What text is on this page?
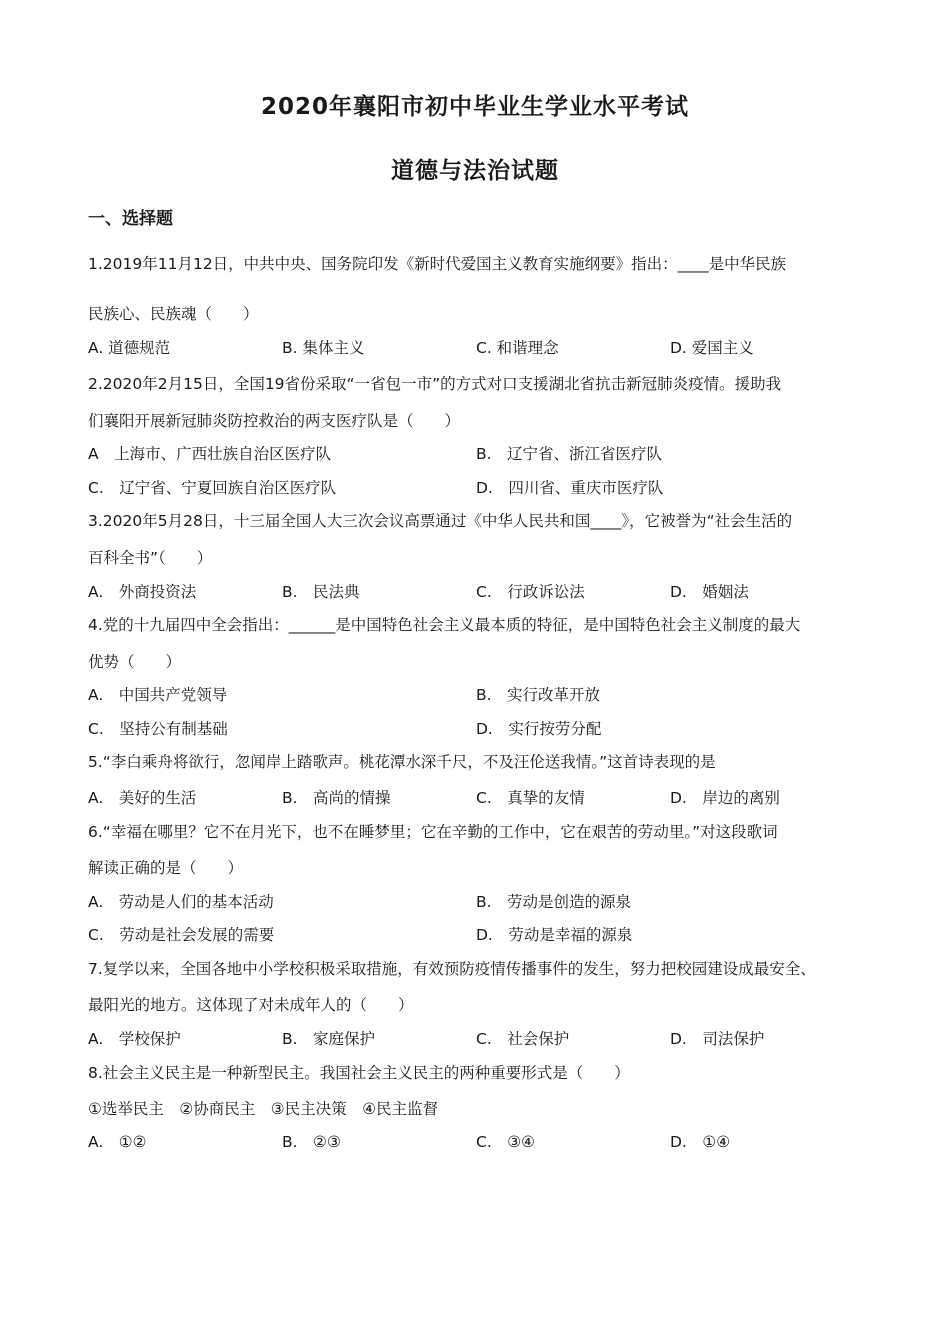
2020年襄阳市初中毕业生学业水平考试
道德与法治试题
一、选择题
1.2019年11月12日，中共中央、国务院印发《新时代爱国主义教育实施纲要》指出：____是中华民族
民族心、民族魂（　　）
A. 道德规范	B. 集体主义	C. 和谐理念	D. 爱国主义
2.2020年2月15日，全国19省份采取“一省包一市”的方式对口支援湖北省抗击新冠肺炎疫情。援助我
们襄阳开展新冠肺炎防控救治的两支医疗队是（　　）
A　上海市、广西壮族自治区医疗队	B.　辽宁省、浙江省医疗队
C.　辽宁省、宁夏回族自治区医疗队	D.　四川省、重庆市医疗队
3.2020年5月28日，十三届全国人大三次会议高票通过《中华人民共和国____》，它被誉为“社会生活的
百科全书”（　　）
A.　外商投资法	B.　民法典	C.　行政诉讼法	D.　婚姻法
4.党的十九届四中全会指出：______是中国特色社会主义最本质的特征，是中国特色社会主义制度的最大
优势（　　）
A.　中国共产党领导	B.　实行改革开放
C.　坚持公有制基础	D.　实行按劳分配
5.“李白乘舟将欲行，忽闻岸上踏歌声。桃花潭水深千尺，不及汪伦送我情。”这首诗表现的是
A.　美好的生活	B.　高尚的情操	C.　真挚的友情	D.　岸边的离别
6.“幸福在哪里？它不在月光下，也不在睡梦里；它在辛勤的工作中，它在艰苦的劳动里。”对这段歌词
解读正确的是（　　）
A.　劳动是人们的基本活动	B.　劳动是创造的源泉
C.　劳动是社会发展的需要	D.　劳动是幸福的源泉
7.复学以来，全国各地中小学校积极采取措施，有效预防疫情传播事件的发生，努力把校园建设成最安全、
最阳光的地方。这体现了对未成年人的（　　）
A.　学校保护	B.　家庭保护	C.　社会保护	D.　司法保护
8.社会主义民主是一种新型民主。我国社会主义民主的两种重要形式是（　　）
①选举民主　②协商民主　③民主决策　④民主监督
A.　①②	B.　②③	C.　③④	D.　①④
